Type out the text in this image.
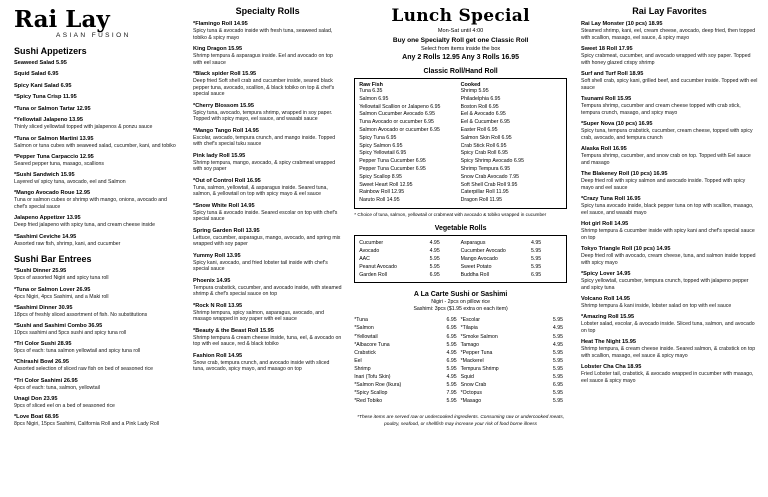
Rai Lay
ASIAN FUSION
Sushi Appetizers
Seaweed Salad 5.95
Squid Salad 6.95
Spicy Kani Salad 6.95
*Spicy Tuna Crisp 11.95
*Tuna or Salmon Tartar 12.95
*Yellowtail Jalapeno 13.95
Thinly sliced yellowtail topped with jalapenos & ponzu sauce
*Tuna or Salmon Martini 13.95
Salmon or tuna cubes with seaweed salad, cucumber, kani, and tobiko
*Pepper Tuna Carpaccio 12.95
Seared pepper tuna, masago, scallions
*Sushi Sandwich 15.95
Layered w/ spicy tuna, avocado, eel and Salmon
*Mango Avocado Roue 12.95
Tuna or salmon cubes or shrimp with mango, onions, avocado and chef's special sauce
Jalapeno Appetizer 13.95
Deep fried jalapeno with spicy tuna, and cream cheese inside
*Sashimi Ceviche 14.95
Assorted raw fish, shrimp, kani, and cucumber
Sushi Bar Entrees
*Sushi Dinner 25.95
9pcs of assorted Nigiri and spicy tuna roll
*Tuna or Salmon Lover 26.95
4pcs Nigiri, 4pcs Sashimi, and a Maki roll
*Sashimi Dinner 30.95
18pcs of freshly sliced assortment of fish. No substitutions
*Sushi and Sashimi Combo 36.95
10pcs sashimi and 5pcs sushi and spicy tuna roll
*Tri Color Sushi 28.95
9pcs of each: tuna salmon yellowtail and spicy tuna roll
*Chirashi Bowl 26.95
Assorted selection of sliced raw fish on bed of seasoned rice
*Tri Color Sashimi 26.95
4pcs of each: tuna, salmon, yellowtail
Unagi Don 23.95
9pcs of sliced eel on a bed of seasoned rice
*Love Boat 68.95
8pcs Nigiri, 15pcs Sashimi, California Roll and a Pink Lady Roll
Specialty Rolls
*Flamingo Roll 14.95
Spicy tuna & avocado inside with fresh tuna, seaweed salad, tobiko & spicy mayo
King Dragon 15.95
Shrimp tempura & asparagus inside. Eel and avocado on top with eel sauce
*Black spider Roll 15.95
Deep fried Soft shell crab and cucumber inside, seared black pepper tuna, avocado, scallion, & black tobiko on top & chef's special sauce
*Cherry Blossom 15.95
Spicy tuna, avocado, tempura shrimp, wrapped in soy paper. Topped with spicy mayo, eel sauce, and wasabi sauce
*Mango Tango Roll 14.95
Escolar, avocado, tempura crunch, and mango inside. Topped with chef's special tuku sauce
Pink lady Roll 15.95
Shrimp tempura, mango, avocado, & spicy crabmeat wrapped with soy paper
*Out of Control Roll 16.95
Tuna, salmon, yellowtail, & asparagus inside. Seared tuna, salmon, & yellowtail on top with spicy mayo & eel sauce
*Snow White Roll 14.95
Spicy tuna & avocado inside. Seared escolar on top with chef's special sauce
Spring Garden Roll 13.95
Lettuce, cucumber, asparagus, mango, avocado, and spring mix wrapped with soy paper
Yummy Roll 13.95
Spicy kani, avocado, and fried lobster tail inside with chef's special sauce
Phoenix 14.95
Tempura crabstick, cucumber, and avocado inside, with steamed shrimp & chef's special sauce on top
*Rock N Roll 13.95
Shrimp tempura, spicy salmon, asparagus, avocado, and masago wrapped in soy paper with eel sauce
*Beauty & the Beast Roll 15.95
Shrimp tempura & cream cheese inside, tuna, eel, & avocado on top with eel sauce, red & black tobiko
Fashion Roll 14.95
Snow crab, tempura crunch, and avocado inside with sliced tuna, avocado, spicy mayo, and masago on top
Lunch Special
Mon-Sat until 4:00
Buy one Specialty Roll get one Classic Roll
Select from items inside the box
Any 2 Rolls 12.95 Any 3 Rolls 16.95
Classic Roll/Hand Roll
Raw Fish	Cooked
Tuna 6.35	Shrimp 5.95
Salmon 6.95	Philadelphia 6.95
Yellowtail Scallion or Jalapeno 6.95	Boston Roll 6.95
Salmon Cucumber Avocado 6.95	Eel & Avocado 6.95
Tuna Avocado or cucumber 6.95	Eel & Cucumber 6.95
Salmon Avocado or cucumber 6.95	Easter Roll 6.95
Spicy Tuna 6.95	Salmon Skin Roll 6.95
Spicy Salmon 6.95	Crab Stick Roll 6.95
Spicy Yellowtail 6.95	Spicy Crab Roll 6.95
Pepper Tuna Cucumber 6.95	Spicy Shrimp Avocado 6.95
Pepper Tuna Cucumber 6.95	Shrimp Tempura 6.95
Spicy Scallop 8.95	Snow Crab Avocado 7.95
Sweet Heart Roll 12.95	Soft Shell Crab Roll 9.95
Rainbow Roll 12.95	Caterpillar Roll 11.95
Naruto Roll 14.95	Dragon Roll 11.95
* Choice of tuna, salmon, yellowtail or crabmeat with avocado & tobiko wrapped in cucumber
Vegetable Rolls
Cucumber	4.95	Asparagus	4.95
Avocado	4.95	Cucumber Avocado	5.95
AAC	5.95	Mango Avocado	5.95
Peanut Avocado	5.95	Sweet Potato	5.95
Garden Roll	6.95	Buddha Roll	6.95
A La Carte Sushi or Sashimi
Nigiri - 2pcs on pillow rice
Sashimi: 3pcs ($1.95 extra on each item)
*Tuna	6.95
*Salmon	6.95
*Yellowtail	6.95
*Albacore Tuna	5.95
Crabstick	4.95
Eel	6.95
Shrimp	5.95
Inari (Tofu Skin)	4.95
*Salmon Roe (Ikura)	5.95
*Spicy Scallop	7.95
*Red Tobiko	5.95
*Escolar	5.95
*Tilapia	4.95
*Smoke Salmon	5.95
Tamago	4.95
*Pepper Tuna	5.95
*Mackerel	5.95
Tempura Shrimp	5.95
Squid	5.95
Snow Crab	6.95
*Octopus	5.95
*Masago	5.95
*These items are served raw or undercooked ingredients. Consuming raw or undercooked meats, poultry, seafood, or shellfish may increase your risk of food borne illness
Rai Lay Favorites
Rai Lay Monster (10 pcs) 18.95
Steamed shrimp, kani, eel, cream cheese, avocado, deep fried, then topped with scallion, masago, eel sauce, & spicy mayo
Sweet 18 Roll 17.95
Spicy crabmeat, cucumber, and avocado wrapped with soy paper. Topped with honey glazed crispy shrimp
Surf and Turf Roll 18.95
Soft shell crab, spicy kani, grilled beef, and cucumber inside. Topped with eel sauce
Tsunami Roll 15.95
Tempura shrimp, cucumber and cream cheese topped with crab stick, tempura crunch, masago, and spicy mayo
*Super Nova (10 pcs) 16.95
Spicy tuna, tempura crabstick, cucumber, cream cheese, topped with spicy crab, avocado, and tempura crunch
Alaska Roll 16.95
Tempura shrimp, cucumber, and snow crab on top. Topped with Eel sauce and masago
The Blakeney Roll (10 pcs) 16.95
Deep fried roll with spicy salmon and avocado inside. Topped with spicy mayo and eel sauce
*Crazy Tuna Roll 16.95
Spicy tuna avocado inside, black pepper tuna on top with scallion, masago, eel sauce, and wasabi mayo
Hot girl Roll 14.95
Shrimp tempura & cucumber inside with spicy kani and chef's special sauce on top
Tokyo Triangle Roll (10 pcs) 14.95
Deep fried roll with avocado, cream cheese, tuna, and salmon inside topped with spicy mayo
*Spicy Lover 14.95
Spicy yellowtail, cucumber, tempura crunch, topped with jalapeno pepper and spicy tuna
Volcano Roll 14.95
Shrimp tempura & kani inside, lobster salad on top with eel sauce
*Amazing Roll 15.95
Lobster salad, escolar, & avocado inside. Sliced tuna, salmon, and avocado on top
Heat The Night 15.95
Shrimp tempura, & cream cheese inside. Seared salmon, & crabstick on top with scallion, masago, eel sauce & spicy mayo
Lobster Cha Cha 18.95
Fried Lobster tail, crabstick, & avocado wrapped in cucumber with masago, eel sauce & spicy mayo
